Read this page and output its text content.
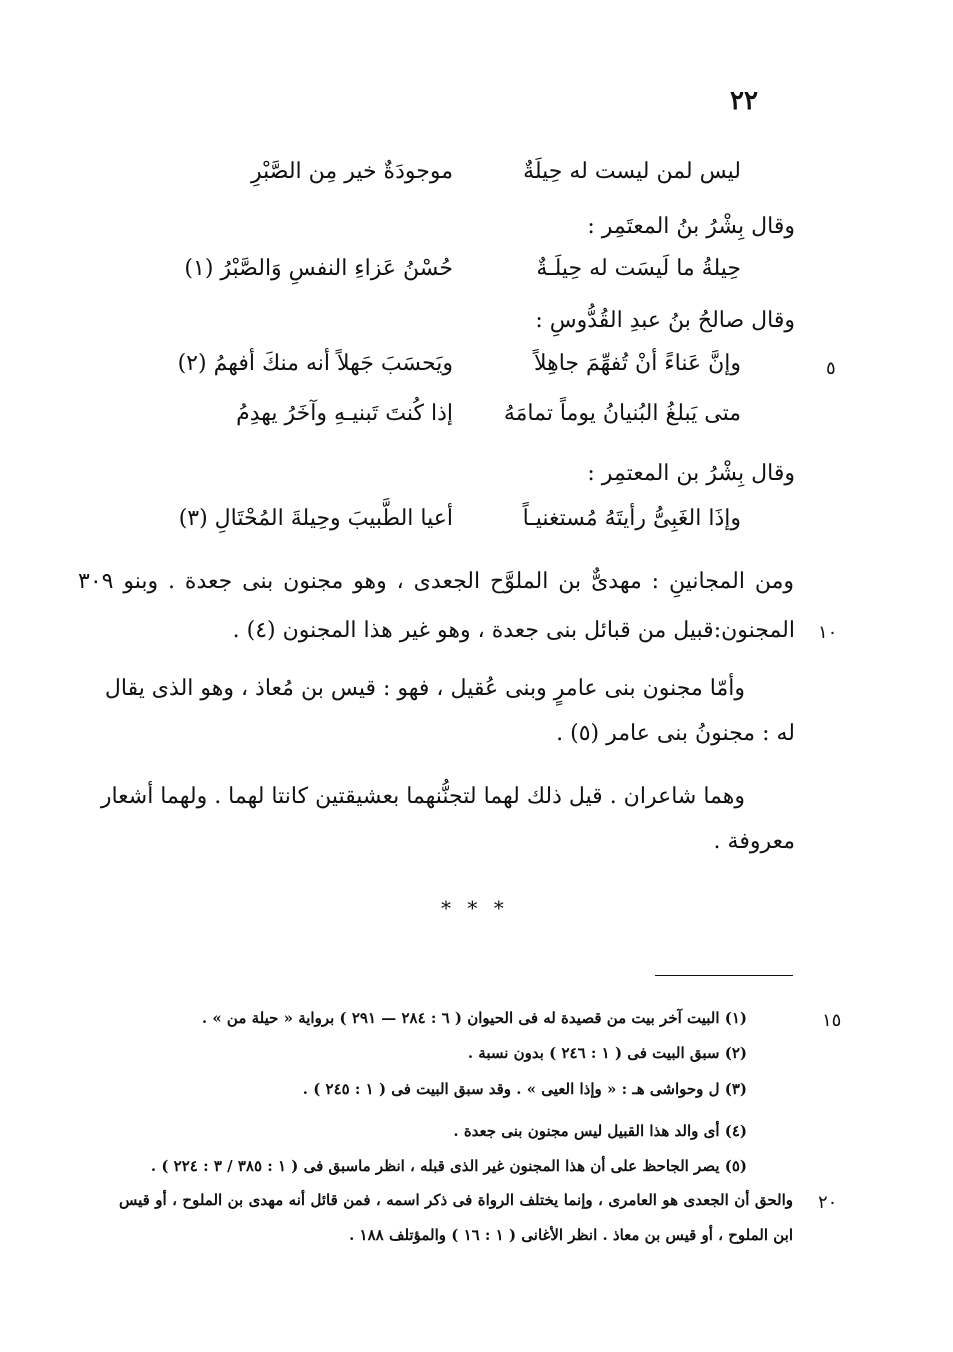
٢٢
ليس لمن ليست له حِيلَةٌ
موجودَةٌ خير مِن الصَّبْرِ
وقال بِشْرُ بنُ المعتَمِر :
حِيلةُ ما لَيسَت له حِيلَـةٌ
حُسْنُ عَزاءِ النفسِ وَالصَّبْرُ (١)
وقال صالحُ بنُ عبدِ القُدُّوسِ :
وإنَّ عَناءً أنْ تُفهِّمَ جاهِلاً
ويَحسَبَ جَهلاً أنه منكَ أفهمُ (٢)	٥
متى يَبلغُ البُنيانُ يوماً تمامَهُ
إذا كُنتَ تَبنيـهِ وآخَرُ يهدِمُ
وقال بِشْرُ بن المعتمِر :
وإذَا الغَبِىُّ رأيتَهُ مُستغنيـاً
أعيا الطَّبيبَ وحِيلةَ المُحْتَالِ (٣)
ومن المجانينِ : مهدىٌّ بن الملوَّح الجعدى ، وهو مجنون بنى جعدة . وبنو ٣٠٩
المجنون:قبيل من قبائل بنى جعدة ، وهو غير هذا المجنون (٤) . ١٠
وأمّا مجنون بنى عامرٍ وبنى عُقيل ، فهو : قيس بن مُعاذ ، وهو الذى يقال
له : مجنونُ بنى عامر (٥) .
وهما شاعران . قيل ذلك لهما لتجنُّنهما بعشيقتين كانتا لهما . ولهما أشعار
معروفة .
* * *
(١) البيت آخر بيت من قصيدة له فى الحيوان ( ٦ : ٢٨٤ — ٢٩١ ) برواية « حيلة من » .	١٥
(٢) سبق البيت فى ( ١ : ٢٤٦ ) بدون نسبة .
(٣) ل وحواشى هـ : « وإذا العيى » . وقد سبق البيت فى ( ١ : ٢٤٥ ) .
(٤) أى والد هذا القبيل ليس مجنون بنى جعدة .
(٥) يصر الجاحظ على أن هذا المجنون غير الذى قبله ، انظر ماسبق فى ( ١ : ٣٨٥ / ٣ : ٢٢٤ ) .
والحق أن الجعدى هو العامرى ، وإنما يختلف الرواة فى ذكر اسمه ، فمن قائل أنه مهدى بن الملوح ، أو قيس ٢٠
ابن الملوح ، أو قيس بن معاذ . انظر الأغانى ( ١ : ١٦ ) والمؤتلف ١٨٨ .
